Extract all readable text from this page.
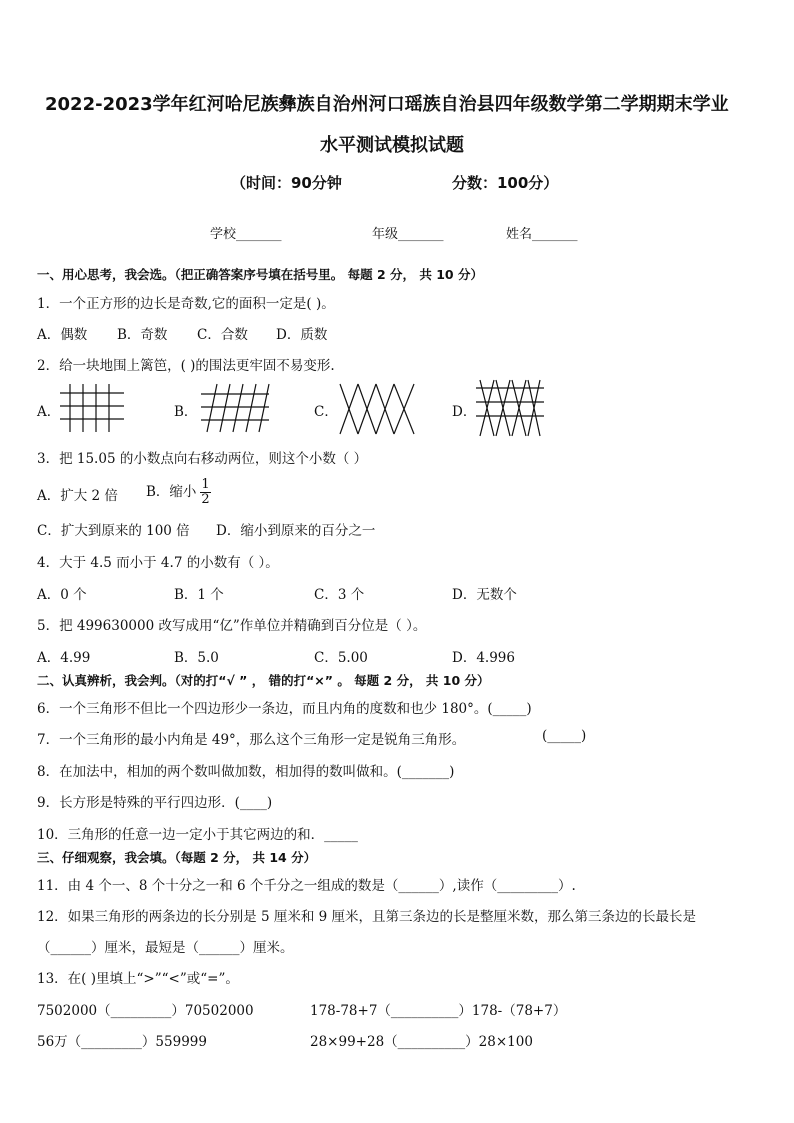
2022-2023学年红河哈尼族彝族自治州河口瑶族自治县四年级数学第二学期期末学业
水平测试模拟试题
（时间：90分钟	分数：100分）
学校_______	年级_______	姓名_______
一、用心思考，我会选。（把正确答案序号填在括号里。 每题 2 分， 共 10 分）
1．一个正方形的边长是奇数,它的面积一定是( )。
A．偶数 B．奇数 C．合数 D．质数
2．给一块地围上篱笆，( )的围法更牢固不易变形.
A．	B．	C．	D．
3．把 15.05 的小数点向右移动两位，则这个小数（ ）
A．扩大 2 倍 B．缩小 $\frac{1}{2}$
C．扩大到原来的 100 倍 D．缩小到原来的百分之一
4．大于 4.5 而小于 4.7 的小数有（ ）。
A．0 个	B．1 个	C．3 个	D．无数个
5．把 499630000 改写成用“亿”作单位并精确到百分位是（ ）。
A．4.99	B．5.0	C．5.00	D．4.996
二、认真辨析，我会判。（对的打“√ ” ， 错的打“×” 。 每题 2 分， 共 10 分）
6．一个三角形不但比一个四边形少一条边，而且内角的度数和也少 180°。(_____)
7．一个三角形的最小内角是 49°，那么这个三角形一定是锐角三角形。	(_____)
8．在加法中，相加的两个数叫做加数，相加得的数叫做和。(_______)
9．长方形是特殊的平行四边形．(____)
10．三角形的任意一边一定小于其它两边的和．_____
三、仔细观察，我会填。（每题 2 分， 共 14 分）
11．由 4 个一、8 个十分之一和 6 个千分之一组成的数是（______）,读作（_________）.
12．如果三角形的两条边的长分别是 5 厘米和 9 厘米，且第三条边的长是整厘米数，那么第三条边的长最长是
（______）厘米，最短是（______）厘米。
13．在( )里填上“>”“<”或“=”。
7502000（_________）70502000	178-78+7（__________）178-（78+7）
56万（_________）559999	28×99+28（__________）28×100
